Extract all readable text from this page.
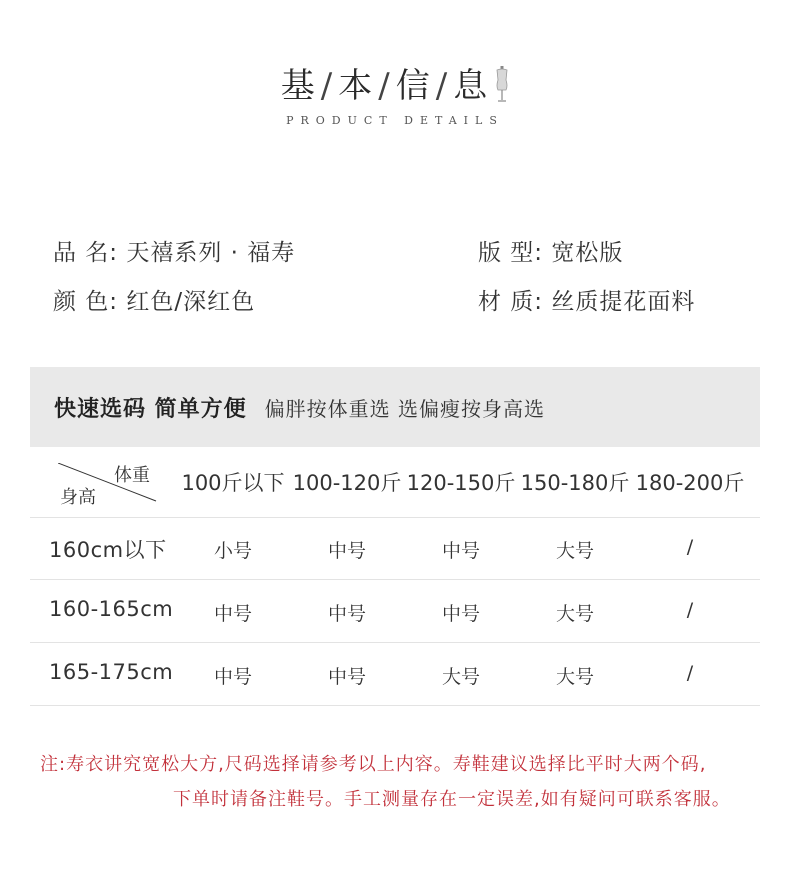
基 / 本 / 信 / 息
PRODUCT DETAILS
品 名: 天禧系列 · 福寿	版 型: 宽松版
颜 色: 红色/深红色	材 质: 丝质提花面料
快速选码 简单方便 偏胖按体重选 选偏瘦按身高选
体重
身高
100斤以下 100-120斤 120-150斤 150-180斤 180-200斤
160cm以下	小号	中号	中号	大号	/
160-165cm	中号	中号	中号	大号	/
165-175cm	中号	中号	大号	大号	/
注:寿衣讲究宽松大方,尺码选择请参考以上内容。寿鞋建议选择比平时大两个码,
下单时请备注鞋号。手工测量存在一定误差,如有疑问可联系客服。
